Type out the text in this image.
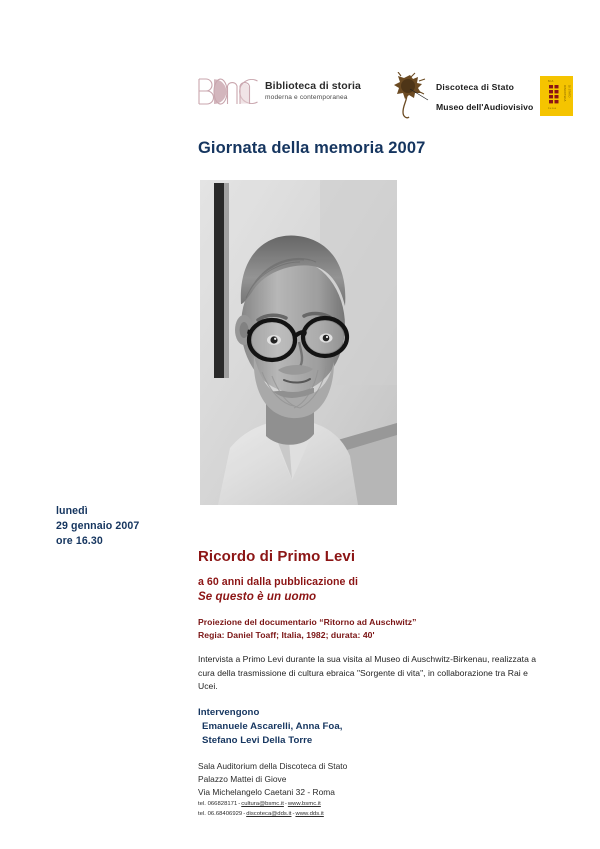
Biblioteca di storia
moderna e contemporanea
Discoteca di Stato
Museo dell'Audiovisivo
M A
t u s e
DISCOTECA DI STATO
Giornata della memoria 2007
lunedì
29 gennaio 2007
ore 16.30
Ricordo di Primo Levi
a 60 anni dalla pubblicazione di
Se questo è un uomo
Proiezione del documentario “Ritorno ad Auschwitz”
Regia: Daniel Toaff; Italia, 1982; durata: 40'
Intervista a Primo Levi durante la sua visita al Museo di Auschwitz-Birkenau, realizzata a cura della trasmissione di cultura ebraica "Sorgente di vita", in collaborazione tra Rai e Ucei.
Intervengono
Emanuele Ascarelli, Anna Foa,
Stefano Levi Della Torre
Sala Auditorium della Discoteca di Stato
Palazzo Mattei di Giove
Via Michelangelo Caetani 32 - Roma
tel. 066828171-cultura@bsmc.it-www.bsmc.it
tel. 06.68406929-discoteca@dds.it-www.dds.it
